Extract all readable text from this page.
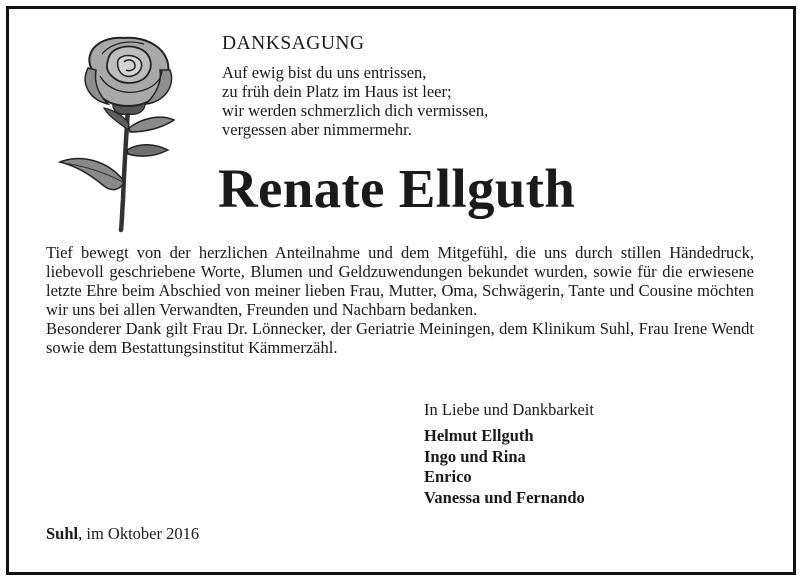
DANKSAGUNG
Auf ewig bist du uns entrissen,
zu früh dein Platz im Haus ist leer;
wir werden schmerzlich dich vermissen,
vergessen aber nimmermehr.
Renate Ellguth

Tief bewegt von der herzlichen Anteilnahme und dem Mitgefühl, die uns durch stillen Händedruck, liebevoll geschriebene Worte, Blumen und Geldzuwendungen bekundet wurden, sowie für die erwiesene letzte Ehre beim Abschied von meiner lieben Frau, Mutter, Oma, Schwägerin, Tante und Cousine möchten wir uns bei allen Verwandten, Freunden und Nachbarn bedanken.

Besonderer Dank gilt Frau Dr. Lönnecker, der Geriatrie Meiningen, dem Klinikum Suhl, Frau Irene Wendt sowie dem Bestattungsinstitut Kämmerzähl.

In Liebe und Dankbarkeit
Helmut Ellguth
Ingo und Rina
Enrico
Vanessa und Fernando
Suhl, im Oktober 2016
